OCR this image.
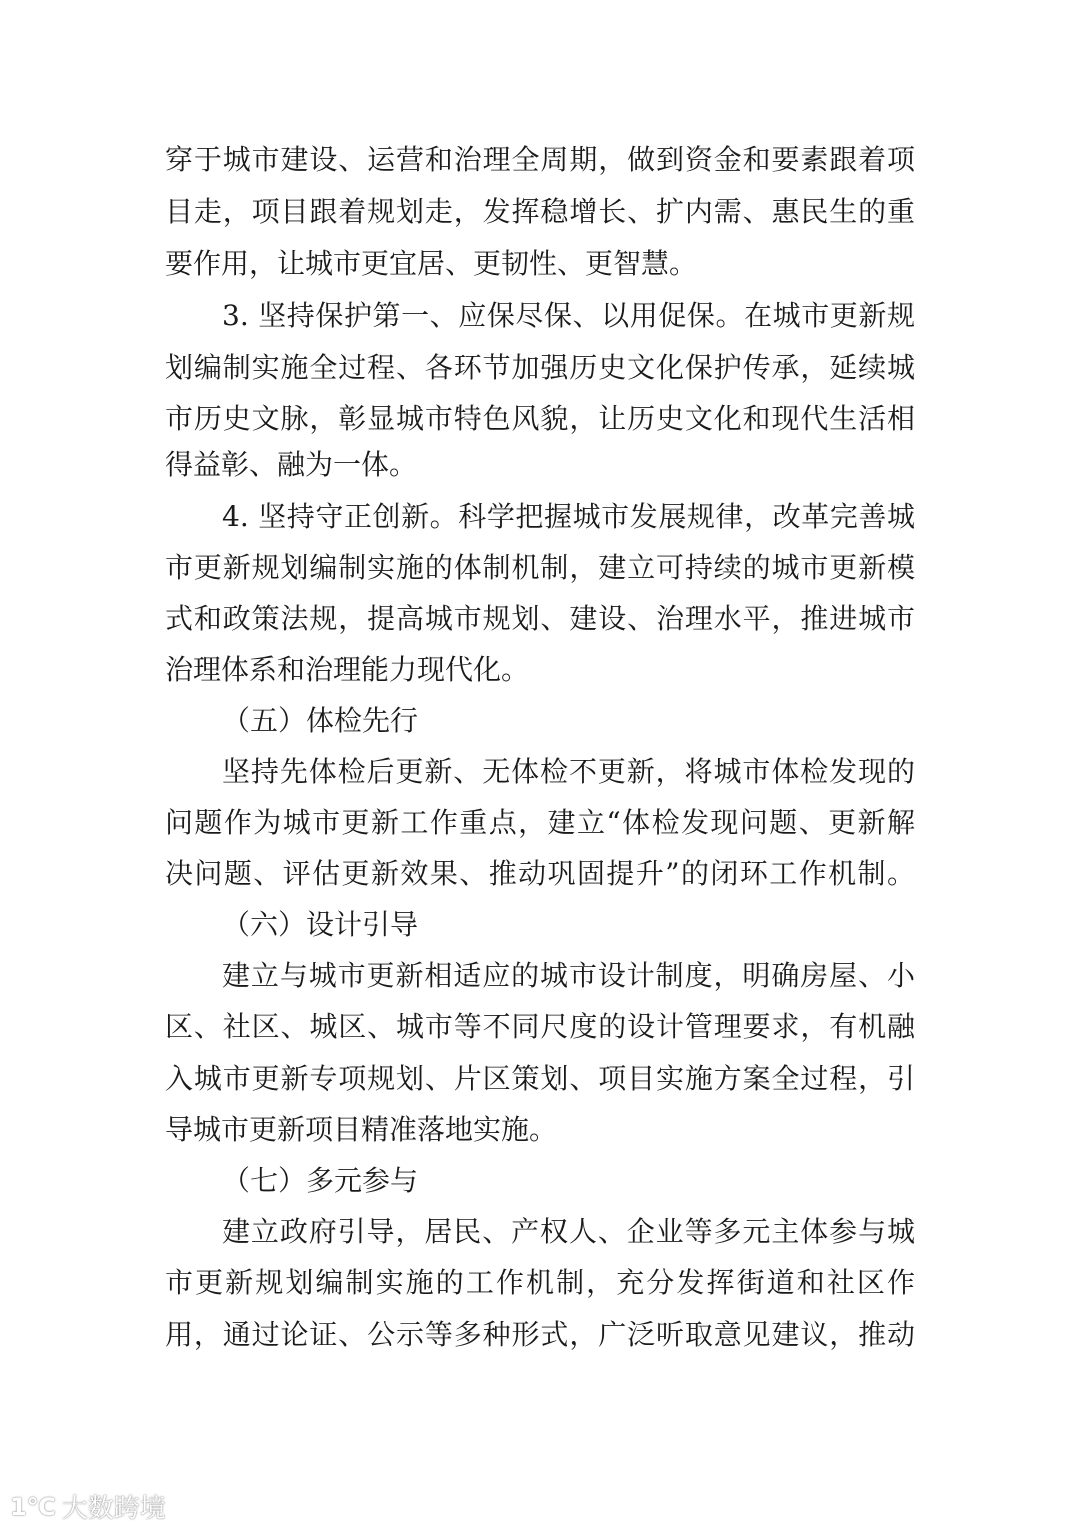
穿于城市建设、运营和治理全周期，做到资金和要素跟着项
目走，项目跟着规划走，发挥稳增长、扩内需、惠民生的重
要作用，让城市更宜居、更韧性、更智慧。
3. 坚持保护第一、应保尽保、以用促保。在城市更新规
划编制实施全过程、各环节加强历史文化保护传承，延续城
市历史文脉，彰显城市特色风貌，让历史文化和现代生活相
得益彰、融为一体。
4. 坚持守正创新。科学把握城市发展规律，改革完善城
市更新规划编制实施的体制机制，建立可持续的城市更新模
式和政策法规，提高城市规划、建设、治理水平，推进城市
治理体系和治理能力现代化。
（五）体检先行
坚持先体检后更新、无体检不更新，将城市体检发现的
问题作为城市更新工作重点，建立“体检发现问题、更新解
决问题、评估更新效果、推动巩固提升”的闭环工作机制。
（六）设计引导
建立与城市更新相适应的城市设计制度，明确房屋、小
区、社区、城区、城市等不同尺度的设计管理要求，有机融
入城市更新专项规划、片区策划、项目实施方案全过程，引
导城市更新项目精准落地实施。
（七）多元参与
建立政府引导，居民、产权人、企业等多元主体参与城
市更新规划编制实施的工作机制，充分发挥街道和社区作
用，通过论证、公示等多种形式，广泛听取意见建议，推动
1℃ 大数跨境
